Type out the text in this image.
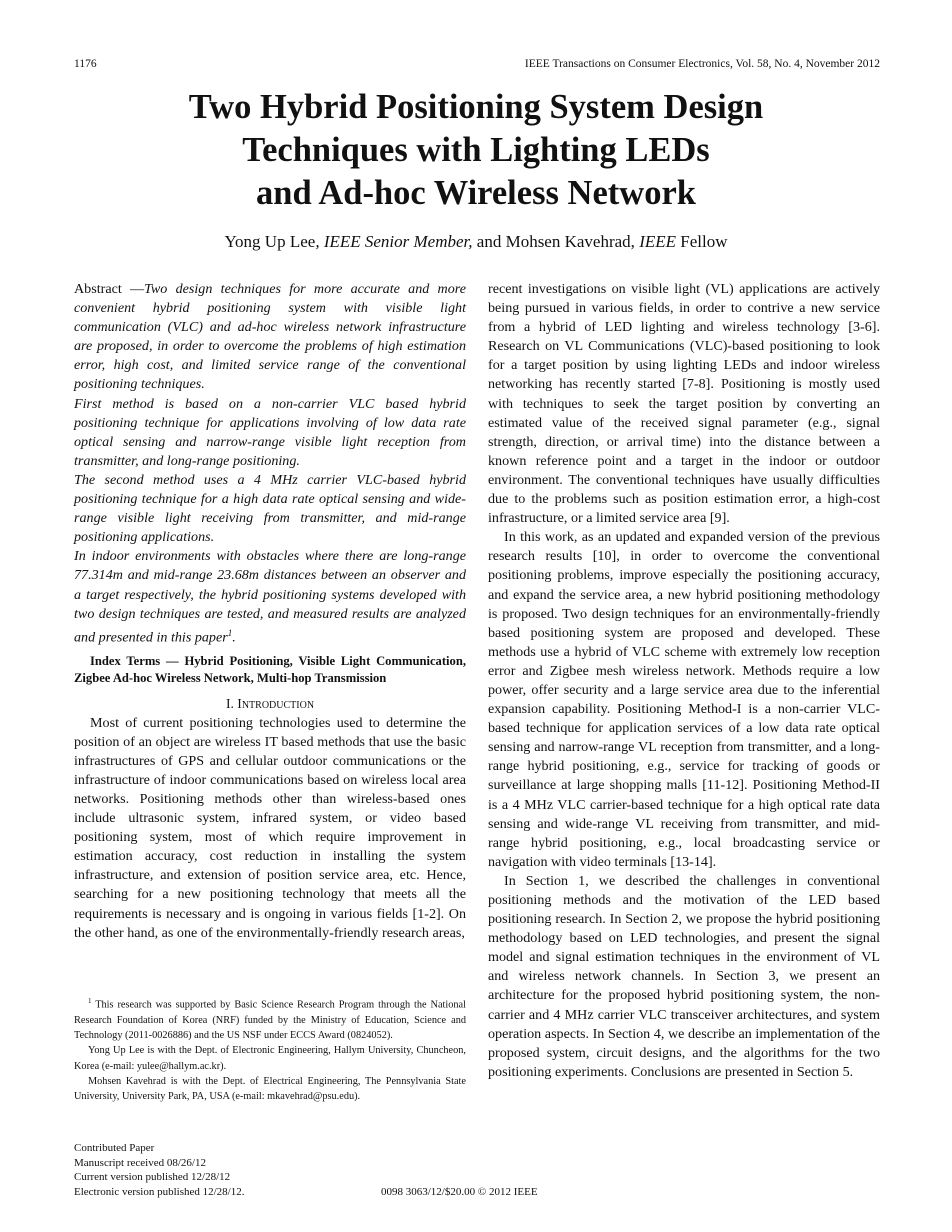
1176	IEEE Transactions on Consumer Electronics, Vol. 58, No. 4, November 2012
Two Hybrid Positioning System Design
Techniques with Lighting LEDs
and Ad-hoc Wireless Network
Yong Up Lee, IEEE Senior Member, and Mohsen Kavehrad, IEEE Fellow

Abstract —Two design techniques for more accurate and more convenient hybrid positioning system with visible light communication (VLC) and ad-hoc wireless network infrastructure are proposed, in order to overcome the problems of high estimation error, high cost, and limited service range of the conventional positioning techniques.

First method is based on a non-carrier VLC based hybrid positioning technique for applications involving of low data rate optical sensing and narrow-range visible light reception from transmitter, and long-range positioning.

The second method uses a 4 MHz carrier VLC-based hybrid positioning technique for a high data rate optical sensing and wide-range visible light receiving from transmitter, and mid-range positioning applications.

In indoor environments with obstacles where there are long-range 77.314m and mid-range 23.68m distances between an observer and a target respectively, the hybrid positioning systems developed with two design techniques are tested, and measured results are analyzed and presented in this paper$^1$.

Index Terms — Hybrid Positioning, Visible Light Communication, Zigbee Ad-hoc Wireless Network, Multi-hop Transmission

I. Introduction

Most of current positioning technologies used to determine the position of an object are wireless IT based methods that use the basic infrastructures of GPS and cellular outdoor communications or the infrastructure of indoor communications based on wireless local area networks. Positioning methods other than wireless-based ones include ultrasonic system, infrared system, or video based positioning system, most of which require improvement in estimation accuracy, cost reduction in installing the system infrastructure, and extension of position service area, etc. Hence, searching for a new positioning technology that meets all the requirements is necessary and is ongoing in various fields [1-2]. On the other hand, as one of the environmentally-friendly research areas,

recent investigations on visible light (VL) applications are actively being pursued in various fields, in order to contrive a new service from a hybrid of LED lighting and wireless technology [3-6]. Research on VL Communications (VLC)-based positioning to look for a target position by using lighting LEDs and indoor wireless networking has recently started [7-8]. Positioning is mostly used with techniques to seek the target position by converting an estimated value of the received signal parameter (e.g., signal strength, direction, or arrival time) into the distance between a known reference point and a target in the indoor or outdoor environment. The conventional techniques have usually difficulties due to the problems such as position estimation error, a high-cost infrastructure, or a limited service area [9].

In this work, as an updated and expanded version of the previous research results [10], in order to overcome the conventional positioning problems, improve especially the positioning accuracy, and expand the service area, a new hybrid positioning methodology is proposed. Two design techniques for an environmentally-friendly based positioning system are proposed and developed. These methods use a hybrid of VLC scheme with extremely low reception error and Zigbee mesh wireless network. Methods require a low power, offer security and a large service area due to the inferential expansion capability. Positioning Method-I is a non-carrier VLC-based technique for application services of a low data rate optical sensing and narrow-range VL reception from transmitter, and a long-range hybrid positioning, e.g., service for tracking of goods or surveillance at large shopping malls [11-12]. Positioning Method-II is a 4 MHz VLC carrier-based technique for a high optical rate data sensing and wide-range VL receiving from transmitter, and mid-range hybrid positioning, e.g., local broadcasting service or navigation with video terminals [13-14].

In Section 1, we described the challenges in conventional positioning methods and the motivation of the LED based positioning research. In Section 2, we propose the hybrid positioning methodology based on LED technologies, and present the signal model and signal estimation techniques in the environment of VL and wireless network channels. In Section 3, we present an architecture for the proposed hybrid positioning system, the non-carrier and 4 MHz carrier VLC transceiver architectures, and system operation aspects. In Section 4, we describe an implementation of the proposed system, circuit designs, and the algorithms for the two positioning experiments. Conclusions are presented in Section 5.

$^1$ This research was supported by Basic Science Research Program through the National Research Foundation of Korea (NRF) funded by the Ministry of Education, Science and Technology (2011-0026886) and the US NSF under ECCS Award (0824052).

Yong Up Lee is with the Dept. of Electronic Engineering, Hallym University, Chuncheon, Korea (e-mail: yulee@hallym.ac.kr).

Mohsen Kavehrad is with the Dept. of Electrical Engineering, The Pennsylvania State University, University Park, PA, USA (e-mail: mkavehrad@psu.edu).

Contributed Paper
Manuscript received 08/26/12
Current version published 12/28/12
Electronic version published 12/28/12.	0098 3063/12/$20.00 © 2012 IEEE
